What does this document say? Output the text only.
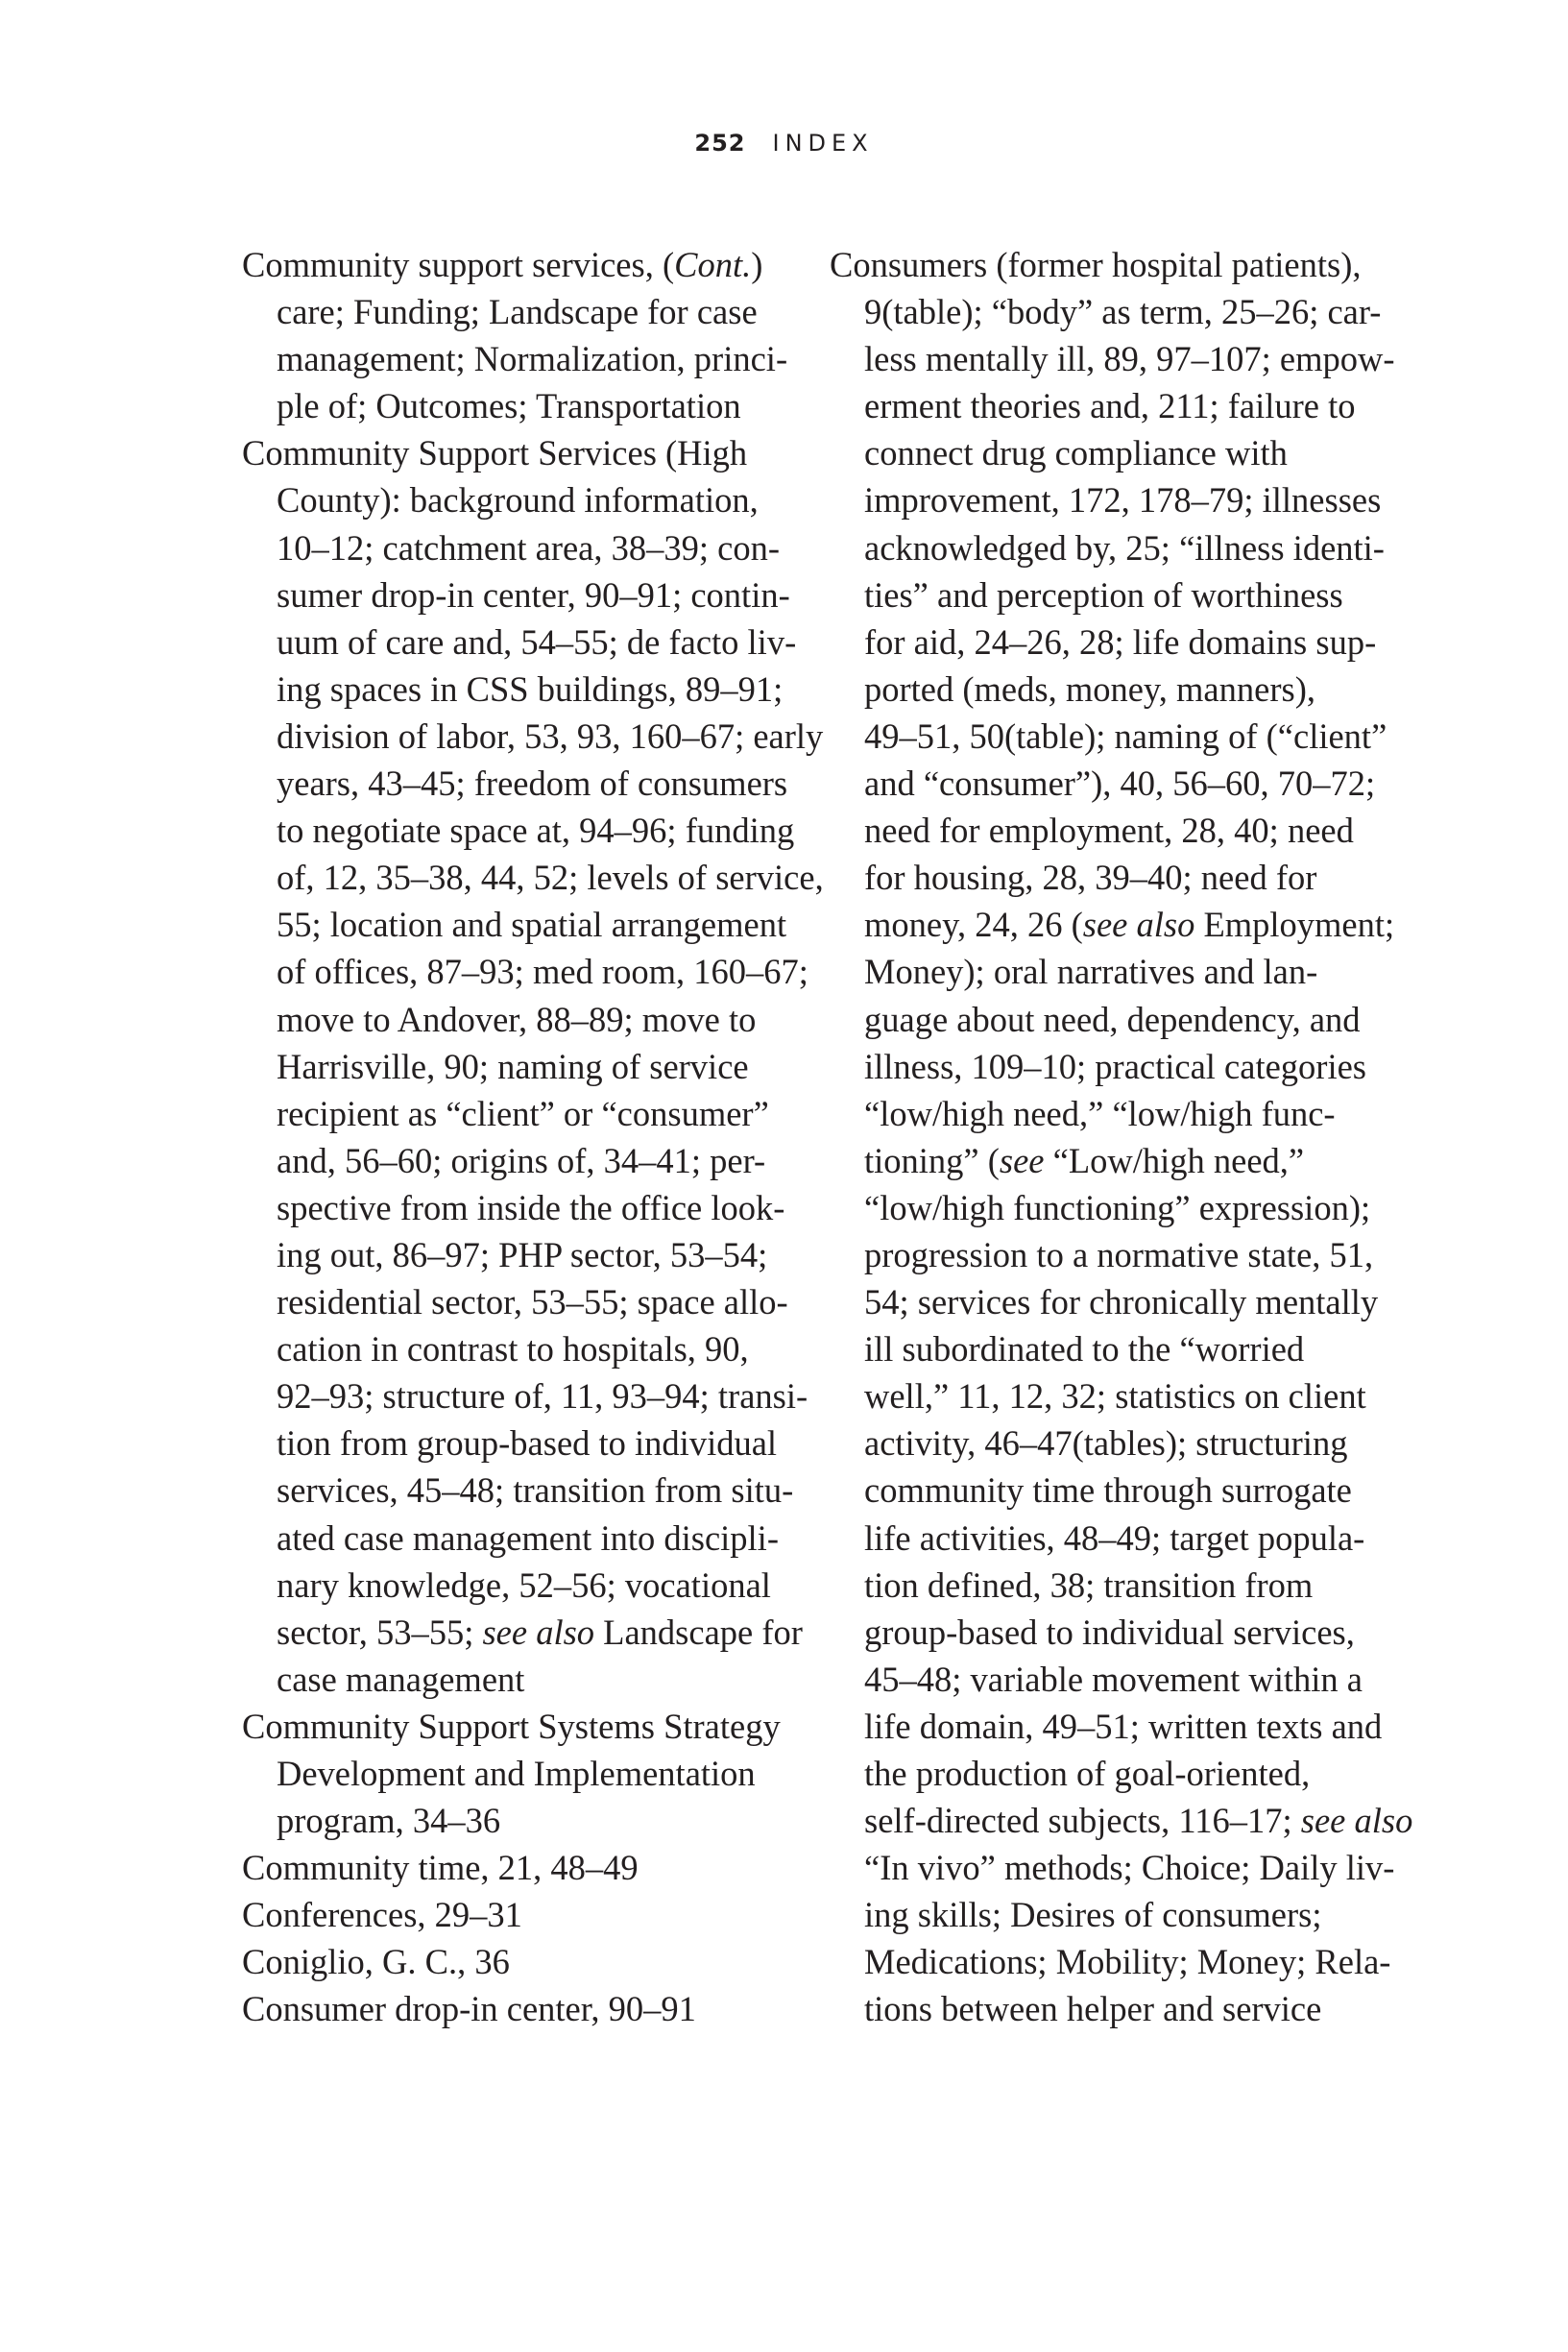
252 INDEX
Community support services, (Cont.)
care; Funding; Landscape for case
management; Normalization, princi-
ple of; Outcomes; Transportation
Community Support Services (High
County): background information,
10–12; catchment area, 38–39; con-
sumer drop-in center, 90–91; contin-
uum of care and, 54–55; de facto liv-
ing spaces in CSS buildings, 89–91;
division of labor, 53, 93, 160–67; early
years, 43–45; freedom of consumers
to negotiate space at, 94–96; funding
of, 12, 35–38, 44, 52; levels of service,
55; location and spatial arrangement
of offices, 87–93; med room, 160–67;
move to Andover, 88–89; move to
Harrisville, 90; naming of service
recipient as “client” or “consumer”
and, 56–60; origins of, 34–41; per-
spective from inside the office look-
ing out, 86–97; PHP sector, 53–54;
residential sector, 53–55; space allo-
cation in contrast to hospitals, 90,
92–93; structure of, 11, 93–94; transi-
tion from group-based to individual
services, 45–48; transition from situ-
ated case management into discipli-
nary knowledge, 52–56; vocational
sector, 53–55; see also Landscape for
case management
Community Support Systems Strategy
Development and Implementation
program, 34–36
Community time, 21, 48–49
Conferences, 29–31
Coniglio, G. C., 36
Consumer drop-in center, 90–91
Consumers (former hospital patients),
9(table); “body” as term, 25–26; car-
less mentally ill, 89, 97–107; empow-
erment theories and, 211; failure to
connect drug compliance with
improvement, 172, 178–79; illnesses
acknowledged by, 25; “illness identi-
ties” and perception of worthiness
for aid, 24–26, 28; life domains sup-
ported (meds, money, manners),
49–51, 50(table); naming of (“client”
and “consumer”), 40, 56–60, 70–72;
need for employment, 28, 40; need
for housing, 28, 39–40; need for
money, 24, 26 (see also Employment;
Money); oral narratives and lan-
guage about need, dependency, and
illness, 109–10; practical categories
“low/high need,” “low/high func-
tioning” (see “Low/high need,”
“low/high functioning” expression);
progression to a normative state, 51,
54; services for chronically mentally
ill subordinated to the “worried
well,” 11, 12, 32; statistics on client
activity, 46–47(tables); structuring
community time through surrogate
life activities, 48–49; target popula-
tion defined, 38; transition from
group-based to individual services,
45–48; variable movement within a
life domain, 49–51; written texts and
the production of goal-oriented,
self-directed subjects, 116–17; see also
“In vivo” methods; Choice; Daily liv-
ing skills; Desires of consumers;
Medications; Mobility; Money; Rela-
tions between helper and service
